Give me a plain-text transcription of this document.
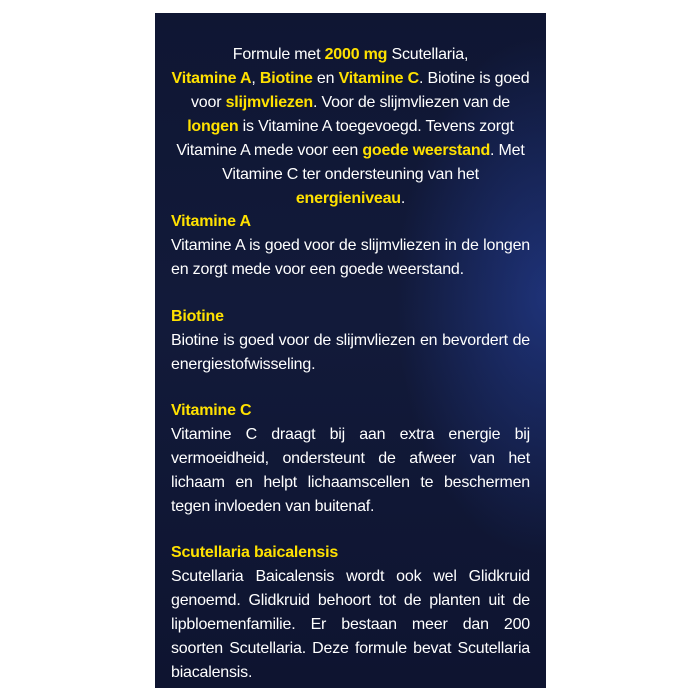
Formule met 2000 mg Scutellaria,
Vitamine A, Biotine en Vitamine C. Biotine is goed voor slijmvliezen. Voor de slijmvliezen van de longen is Vitamine A toegevoegd. Tevens zorgt Vitamine A mede voor een goede weerstand. Met Vitamine C ter ondersteuning van het energieniveau.
Vitamine A
Vitamine A is goed voor de slijmvliezen in de longen en zorgt mede voor een goede weerstand.
Biotine
Biotine is goed voor de slijmvliezen en bevordert de energiestofwisseling.
Vitamine C
Vitamine C draagt bij aan extra energie bij vermoeidheid, ondersteunt de afweer van het lichaam en helpt lichaamscellen te beschermen tegen invloeden van buitenaf.
Scutellaria baicalensis
Scutellaria Baicalensis wordt ook wel Glidkruid genoemd. Glidkruid behoort tot de planten uit de lipbloemenfamilie. Er bestaan meer dan 200 soorten Scutellaria. Deze formule bevat Scutellaria biacalensis.
